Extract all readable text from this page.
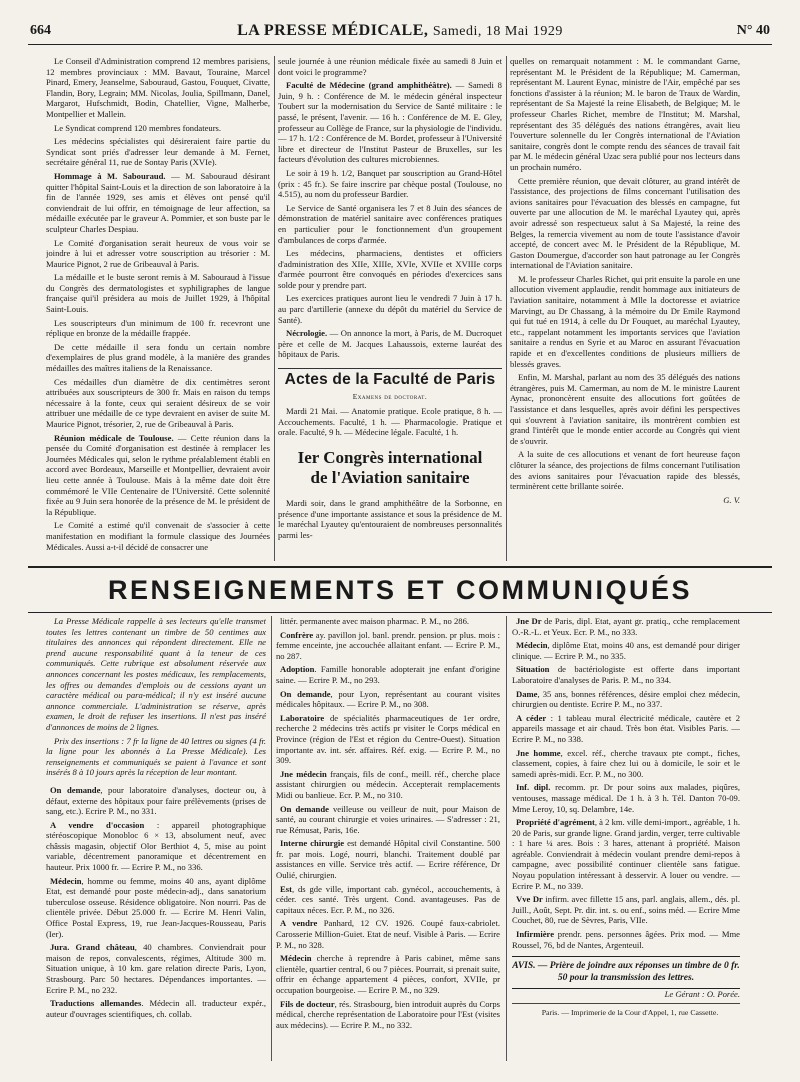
664	LA PRESSE MÉDICALE, Samedi, 18 Mai 1929	N° 40

Le Conseil d'Administration comprend 12 membres parisiens, 12 membres provinciaux : MM. Bavaut, Touraine, Marcel Pinard, Emery, Jeanselme, Sabouraud, Gastou, Fouquet, Civatte, Flandin, Bory, Legrain; MM. Nicolas, Joulia, Spillmann, Danel, Margarot, Hufschmidt, Bodin, Chatellier, Vigne, Malherbe, Montpellier et Mallein.

Le Syndicat comprend 120 membres fondateurs.

Les médecins spécialistes qui désireraient faire partie du Syndicat sont priés d'adresser leur demande à M. Fernet, secrétaire général 11, rue de Sontay Paris (XVIe).

Hommage à M. Sabouraud. — M. Sabouraud désirant quitter l'hôpital Saint-Louis et la direction de son laboratoire à la fin de l'année 1929, ses amis et élèves ont pensé qu'il conviendrait de lui offrir, en témoignage de leur affection, sa médaille exécutée par le graveur A. Pommier, et son buste par le sculpteur Charles Despiau.

Le Comité d'organisation serait heureux de vous voir se joindre à lui et adresser votre souscription au trésorier : M. Maurice Pignot, 2 rue de Gribeauval à Paris.

La médaille et le buste seront remis à M. Sabouraud à l'issue du Congrès des dermatologistes et syphiligraphes de langue française qui'il présidera au mois de Juillet 1929, à l'hôpital Saint-Louis.

Les souscripteurs d'un minimum de 100 fr. recevront une réplique en bronze de la médaille frappée.

De cette médaille il sera fondu un certain nombre d'exemplaires de plus grand modèle, à la manière des grandes médailles des maîtres italiens de la Renaissance.

Ces médailles d'un diamètre de dix centimètres seront attribuées aux souscripteurs de 300 fr. Mais en raison du temps nécessaire à la fonte, ceux qui seraient désireux de se voir attribuer une médaille de ce type devraient en aviser de suite M. Maurice Pignot, trésorier, 2, rue de Gribeauval à Paris.

Réunion médicale de Toulouse. — Cette réunion dans la pensée du Comité d'organisation est destinée à remplacer les Journées Médicales qui, selon le rythme préalablement établi en accord avec Bordeaux, Marseille et Montpellier, devraient avoir lieu cette année à Toulouse. Mais à la même date doit être commémoré le VIIe Centenaire de l'Université. Cette solennité fixée au 9 Juin sera honorée de la présence de M. le président de la République.

Le Comité a estimé qu'il convenait de s'associer à cette manifestation en modifiant la formule classique des Journées Médicales. Aussi a-t-il décidé de consacrer une

seule journée à une réunion médicale fixée au samedi 8 Juin et dont voici le programme?

Faculté de Médecine (grand amphithéâtre). — Samedi 8 Juin, 9 h. : Conférence de M. le médecin général inspecteur Toubert sur la modernisation du Service de Santé militaire : le passé, le présent, l'avenir. — 16 h. : Conférence de M. E. Gley, professeur au Collège de France, sur la physiologie de l'individu. — 17 h. 1/2 : Conférence de M. Bordet, professeur à l'Université libre et directeur de l'Institut Pasteur de Bruxelles, sur les facteurs d'évolution des cultures microbiennes.

Le soir à 19 h. 1/2, Banquet par souscription au Grand-Hôtel (prix : 45 fr.). Se faire inscrire par chèque postal (Toulouse, no 4.515), au nom du professeur Bardier.

Le Service de Santé organisera les 7 et 8 Juin des séances de démonstration de matériel sanitaire avec conférences pratiques en particulier pour le fonctionnement d'un groupement d'ambulances de corps d'armée.

Les médecins, pharmaciens, dentistes et officiers d'administration des XIIe, XIIIe, XVIe, XVIIe et XVIIIe corps d'armée pourront être convoqués en périodes d'exercices sans solde pour y prendre part.

Les exercices pratiques auront lieu le vendredi 7 Juin à 17 h. au parc d'artillerie (annexe du dépôt du matériel du Service de Santé).

Nécrologie. — On annonce la mort, à Paris, de M. Ducroquet père et celle de M. Jacques Lahaussois, externe lauréat des hôpitaux de Paris.

Actes de la Faculté de Paris
Examens de doctorat.

Mardi 21 Mai. — Anatomie pratique. Ecole pratique, 8 h. — Accouchements. Faculté, 1 h. — Pharmacologie. Pratique et orale. Faculté, 9 h. — Médecine légale. Faculté, 1 h.

Ier Congrès international
de l'Aviation sanitaire

Mardi soir, dans le grand amphithéâtre de la Sorbonne, en présence d'une importante assistance et sous la présidence de M. le maréchal Lyautey qu'entouraient de nombreuses personnalités parmi les-

quelles on remarquait notamment : M. le commandant Garne, représentant M. le Président de la République; M. Camerman, représentant M. Laurent Eynac, ministre de l'Air, empêché par ses fonctions d'assister à la réunion; M. le baron de Traux de Wardin, représentant de Sa Majesté la reine Elisabeth, de Belgique; M. le professeur Charles Richet, membre de l'Institut; M. Marshal, représentant des 35 délégués des nations étrangères, avait lieu l'ouverture solennelle du Ier Congrès international de l'Aviation sanitaire, congrès dont le compte rendu des séances de travail fait par M. le médecin général Uzac sera publié pour nos lecteurs dans un prochain numéro.

Cette première réunion, que devait clôturer, au grand intérêt de l'assistance, des projections de films concernant l'utilisation des avions sanitaires pour l'évacuation des blessés en campagne, fut ouverte par une allocution de M. le maréchal Lyautey qui, après avoir adressé son respectueux salut à Sa Majesté, la reine des Belges, la remercia vivement au nom de toute l'assistance d'avoir accepté, de concert avec M. le Président de la République, M. Gaston Doumergue, d'accorder son haut patronage au Ier Congrès international de l'Aviation sanitaire.

M. le professeur Charles Richet, qui prit ensuite la parole en une allocution vivement applaudie, rendit hommage aux initiateurs de l'aviation sanitaire, notamment à Mlle la doctoresse et aviatrice Marvingt, au Dr Chassang, à la mémoire du Dr Emile Raymond qui fut tué en 1914, à celle du Dr Fouquet, au maréchal Lyautey, etc., rappelant notamment les importants services que l'aviation sanitaire a rendus en Syrie et au Maroc en assurant l'évacuation rapide et en d'excellentes conditions de plusieurs milliers de blessés graves.

Enfin, M. Marshal, parlant au nom des 35 délégués des nations étrangères, puis M. Camerman, au nom de M. le ministre Laurent Aynac, prononcèrent ensuite des allocutions fort goûtées de l'assistance et dans lesquelles, après avoir défini les perspectives qui s'ouvrent à l'aviation sanitaire, ils montrèrent combien est grand l'intérêt que le monde entier accorde au Congrès qui vient de s'ouvrir.

A la suite de ces allocutions et venant de fort heureuse façon clôturer la séance, des projections de films concernant l'utilisation des avions sanitaires pour l'évacuation rapide des blessés, terminèrent cette brillante soirée.

G. V.

RENSEIGNEMENTS ET COMMUNIQUÉS

La Presse Médicale rappelle à ses lecteurs qu'elle transmet toutes les lettres contenant un timbre de 50 centimes aux titulaires des annonces qui répondent directement. Elle ne prend aucune responsabilité quant à la teneur de ces communiqués. Cette rubrique est absolument réservée aux annonces concernant les postes médicaux, les remplacements, les offres ou demandes d'emplois ou de cessions ayant un caractère médical ou para-médical; il n'y est inséré aucune annonce commerciale. L'administration se réserve, après examen, le droit de refuser les insertions. Il n'est pas inséré d'annonces de moins de 2 lignes.

Prix des insertions : 7 fr la ligne de 40 lettres ou signes (4 fr. la ligne pour les abonnés à La Presse Médicale). Les renseignements et communiqués se paient à l'avance et sont insérés 8 à 10 jours après la réception de leur montant.

On demande, pour laboratoire d'analyses, docteur ou, à défaut, externe des hôpitaux pour faire prélèvements (prises de sang, etc.). Ecrire P. M., no 331.

A vendre d'occasion : appareil photographique stéréoscopique Monobloc 6 × 13, absolument neuf, avec châssis magasin, objectif Olor Berthiot 4, 5, mise au point variable, décentrement panoramique et décentrement en hauteur. Prix 1000 fr. — Ecrire P. M., no 336.

Médecin, homme ou femme, moins 40 ans, ayant diplôme Etat, est demandé pour poste médecin-adj., dans sanatorium tuberculose osseuse. Résidence obligatoire. Non nourri. Pas de clientèle privée. Début 25.000 fr. — Ecrire M. Henri Valin, Office Postal Express, 19, rue Jean-Jacques-Rousseau, Paris (Ier).

Jura. Grand château, 40 chambres. Conviendrait pour maison de repos, convalescents, régimes, Altitude 300 m. Situation unique, à 10 km. gare relation directe Paris, Lyon, Strasbourg. Parc 50 hectares. Dépendances importantes. — Ecrire P. M., no 232.

Traductions allemandes. Médecin all. traducteur expér., auteur d'ouvrages scientifiques, ch. collab.

littér. permanente avec maison pharmac. P. M., no 286.

Confrère ay. pavillon jol. banl. prendr. pension. pr plus. mois : femme enceinte, jne accouchée allaitant enfant. — Ecrire P. M., no 287.

Adoption. Famille honorable adopterait jne enfant d'origine saine. — Ecrire P. M., no 293.

On demande, pour Lyon, représentant au courant visites médicales hôpitaux. — Ecrire P. M., no 308.

Laboratoire de spécialités pharmaceutiques de 1er ordre, recherche 2 médecins très actifs pr visiter le Corps médical en Province (région de l'Est et région du Centre-Ouest). Situation importante av. int. sér. affaires. Réf. exig. — Ecrire P. M., no 309.

Jne médecin français, fils de conf., meill. réf., cherche place assistant chirurgien ou médecin. Accepterait remplacements Midi ou banlieue. Ecr. P. M., no 310.

On demande veilleuse ou veilleur de nuit, pour Maison de santé, au courant chirurgie et voies urinaires. — S'adresser : 21, rue Rémusat, Paris, 16e.

Interne chirurgie est demandé Hôpital civil Constantine. 500 fr. par mois. Logé, nourri, blanchi. Traitement doublé par assistances en ville. Service très actif. — Ecrire référence, Dr Oulié, chirurgien.

Est, ds gde ville, important cab. gynécol., accouchements, à céder. ces santé. Très urgent. Cond. avantageuses. Pas de capitaux néces. Ecr. P. M., no 326.

A vendre Panhard, 12 CV. 1926. Coupé faux-cabriolet. Carosserie Million-Guiet. Etat de neuf. Visible à Paris. — Ecrire P. M., no 328.

Médecin cherche à reprendre à Paris cabinet, même sans clientèle, quartier central, 6 ou 7 pièces. Pourrait, si prenait suite, offrir en échange appartement 4 pièces, confort, XVIIe, pr occupation bourgeoise. — Ecrire P. M., no 329.

Fils de docteur, rés. Strasbourg, bien introduit auprès du Corps médical, cherche représentation de Laboratoire pour l'Est (visites aux médecins). — Ecrire P. M., no 332.

Jne Dr de Paris, dipl. Etat, ayant gr. pratiq., cche remplacement O.-R.-L. et Yeux. Ecr. P. M., no 333.

Médecin, diplôme Etat, moins 40 ans, est demandé pour diriger clinique. — Ecrire P. M., no 335.

Situation de bactériologiste est offerte dans important Laboratoire d'analyses de Paris. P. M., no 334.

Dame, 35 ans, bonnes références, désire emploi chez médecin, chirurgien ou dentiste. Ecrire P. M., no 337.

A céder : 1 tableau mural électricité médicale, cautère et 2 appareils massage et air chaud. Très bon état. Visibles Paris. — Ecrire P. M., no 338.

Jne homme, excel. réf., cherche travaux pte compt., fiches, classement, copies, à faire chez lui ou à domicile, le soir et le samedi après-midi. Ecr. P. M., no 300.

Inf. dipl. recomm. pr. Dr pour soins aux malades, piqûres, ventouses, massage médical. De 1 h. à 3 h. Tél. Danton 70-09. Mme Leroy, 10, sq. Delambre, 14e.

Propriété d'agrément, à 2 km. ville demi-import., agréable, 1 h. 20 de Paris, sur grande ligne. Grand jardin, verger, terre cultivable : 1 hare ¼ ares. Bois : 3 hares, attenant à propriété. Maison agréable. Conviendrait à médecin voulant prendre demi-repos à campagne, avec possibilité continuer clientèle sans fatigue. Noyau population intéressant à desservir. A louer ou vendre. — Ecrire P. M., no 339.

Vve Dr infirm. avec fillette 15 ans, parl. anglais, allem., dés. pl. Juill., Août, Sept. Pr. dir. int. s. ou enf., soins méd. — Ecrire Mme Couchet, 80, rue de Sèvres, Paris, VIIe.

Infirmière prendr. pens. personnes âgées. Prix mod. — Mme Roussel, 76, bd de Nantes, Argenteuil.

AVIS. — Prière de joindre aux réponses un timbre de 0 fr. 50 pour la transmission des lettres.

Le Gérant : O. Porée.

Paris. — Imprimerie de la Cour d'Appel, 1, rue Cassette.
